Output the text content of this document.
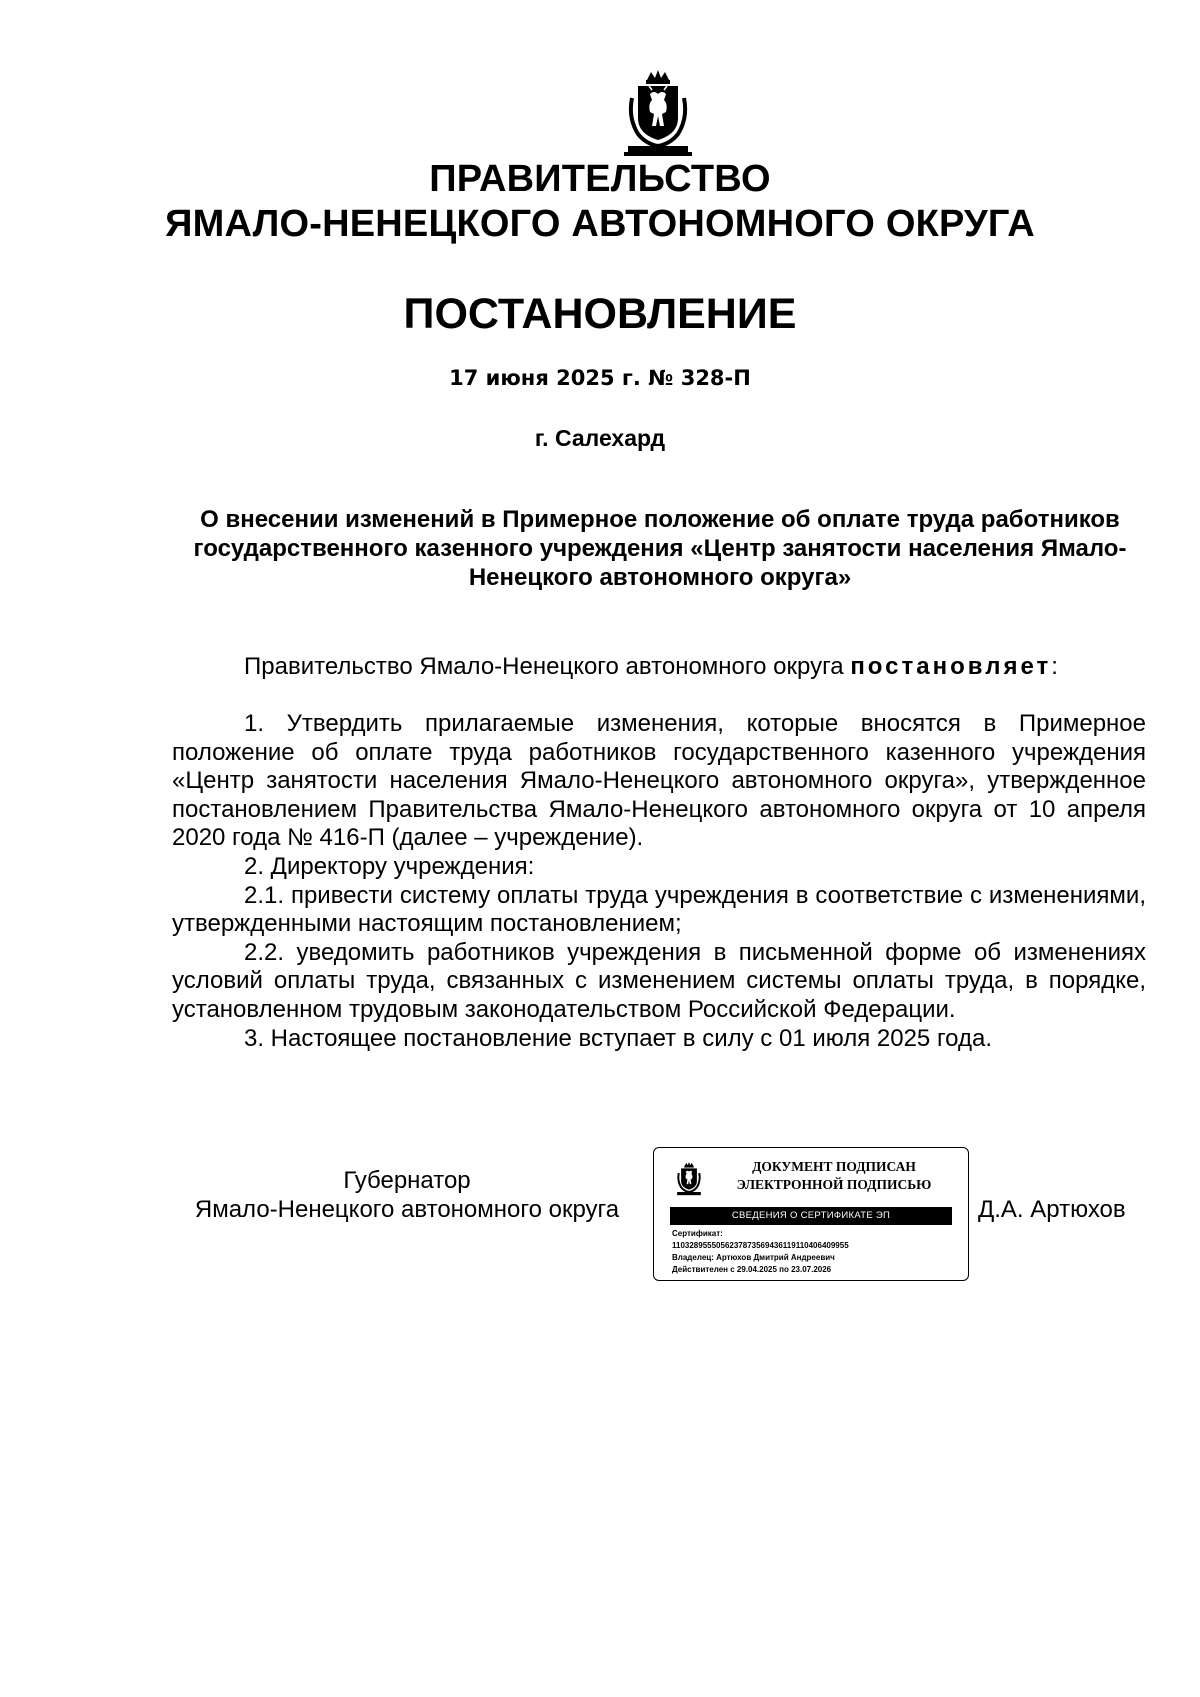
ПРАВИТЕЛЬСТВО
ЯМАЛО-НЕНЕЦКОГО АВТОНОМНОГО ОКРУГА
ПОСТАНОВЛЕНИЕ
17 июня 2025 г. № 328-П
г. Салехард
О внесении изменений в Примерное положение об оплате труда работников государственного казенного учреждения «Центр занятости населения Ямало-Ненецкого автономного округа»
Правительство Ямало-Ненецкого автономного округа постановляет:

1. Утвердить прилагаемые изменения, которые вносятся в Примерное положение об оплате труда работников государственного казенного учреждения «Центр занятости населения Ямало-Ненецкого автономного округа», утвержденное постановлением Правительства Ямало-Ненецкого автономного округа от 10 апреля 2020 года № 416-П (далее – учреждение).

2. Директору учреждения:

2.1. привести систему оплаты труда учреждения в соответствие с изменениями, утвержденными настоящим постановлением;

2.2. уведомить работников учреждения в письменной форме об изменениях условий оплаты труда, связанных с изменением системы оплаты труда, в порядке, установленном трудовым законодательством Российской Федерации.

3. Настоящее постановление вступает в силу с 01 июля 2025 года.

Губернатор
Ямало-Ненецкого автономного округа
ДОКУМЕНТ ПОДПИСАН
ЭЛЕКТРОННОЙ ПОДПИСЬЮ
СВЕДЕНИЯ О СЕРТИФИКАТЕ ЭП
Сертификат:
110328955505623787356943611911040640​9955
Владелец: Артюхов Дмитрий Андреевич
Действителен с 29.04.2025 по 23.07.2026
Д.А. Артюхов
